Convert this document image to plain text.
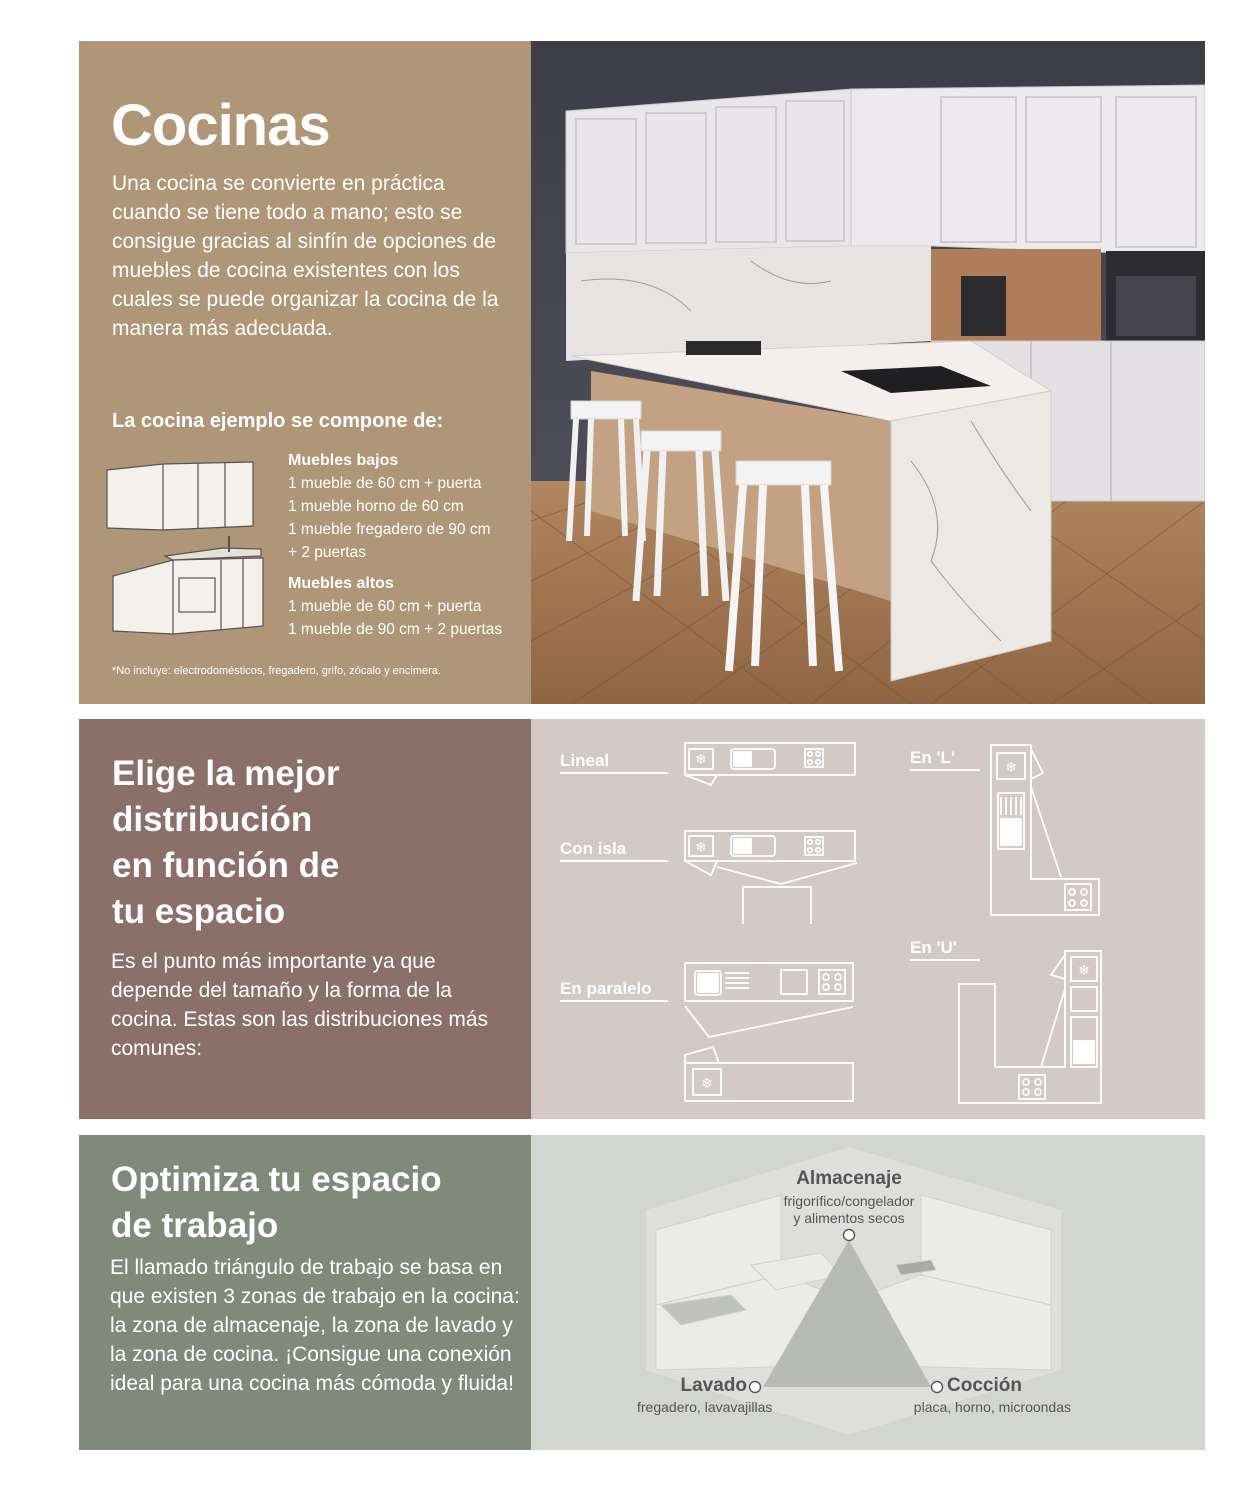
Cocinas

Una cocina se convierte en práctica cuando se tiene todo a mano; esto se consigue gracias al sinfín de opciones de muebles de cocina existentes con los cuales se puede organizar la cocina de la manera más adecuada.

La cocina ejemplo se compone de:

Muebles bajos

1 mueble de 60 cm + puerta

1 mueble horno de 60 cm

1 mueble fregadero de 90 cm

+ 2 puertas

Muebles altos

1 mueble de 60 cm + puerta

1 mueble de 90 cm + 2 puertas

*No incluye: electrodomésticos, fregadero, grifo, zócalo y encimera.

Elige la mejor
distribución
en función de
tu espacio

Es el punto más importante ya que depende del tamaño y la forma de la cocina. Estas son las distribuciones más comunes:

Lineal

Con isla

En paralelo

En 'L'

En 'U'

❄
❄
❄
❄
❄
Optimiza tu espacio
de trabajo

El llamado triángulo de trabajo se basa en que existen 3 zonas de trabajo en la cocina: la zona de almacenaje, la zona de lavado y la zona de cocina. ¡Consigue una conexión ideal para una cocina más cómoda y fluida!

Almacenaje

frigorífico/congelador

y alimentos secos

Lavado

fregadero, lavavajillas

Cocción

placa, horno, microondas
